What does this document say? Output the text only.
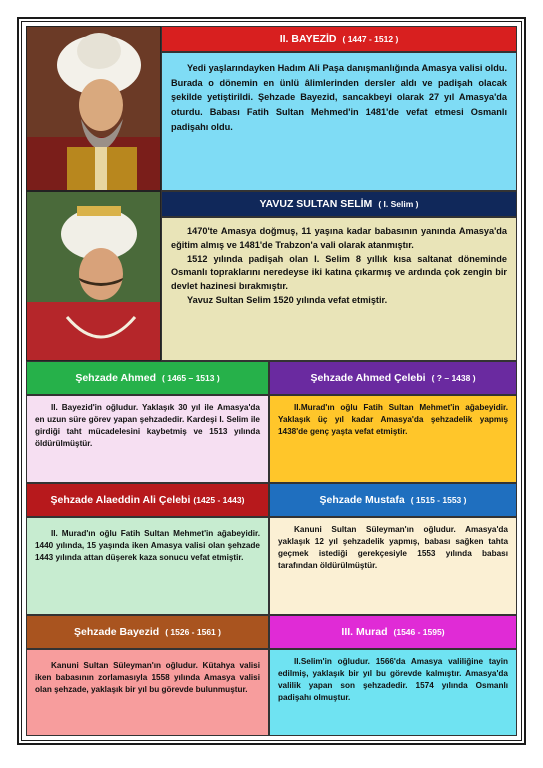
II. BAYEZİD ( 1447 - 1512 )

Yedi yaşlarındayken Hadım Ali Paşa danışmanlığında Amasya valisi oldu. Burada o dönemin en ünlü âlimlerinden dersler aldı ve padişah olacak şekilde yetiştirildi. Şehzade Bayezid, sancakbeyi olarak 27 yıl Amasya'da oturdu. Babası Fatih Sultan Mehmed'in 1481'de vefat etmesi Osmanlı padişahı oldu.

YAVUZ SULTAN SELİM ( I. Selim )

1470'te Amasya doğmuş, 11 yaşına kadar babasının yanında Amasya'da eğitim almış ve 1481'de Trabzon'a vali olarak atanmıştır.

1512 yılında padişah olan I. Selim 8 yıllık kısa saltanat döneminde Osmanlı topraklarını neredeyse iki katına çıkarmış ve ardında çok zengin bir devlet hazinesi bırakmıştır.

Yavuz Sultan Selim 1520 yılında vefat etmiştir.

Şehzade Ahmed ( 1465 – 1513 )	Şehzade Ahmed Çelebi ( ? – 1438 )

II. Bayezid'in oğludur. Yaklaşık 30 yıl ile Amasya'da en uzun süre görev yapan şehzadedir. Kardeşi I. Selim ile girdiği taht mücadelesini kaybetmiş ve 1513 yılında öldürülmüştür.

II.Murad'ın oğlu Fatih Sultan Mehmet'in ağabeyidir. Yaklaşık üç yıl kadar Amasya'da şehzadelik yapmış 1438'de genç yaşta vefat etmiştir.

Şehzade Alaeddin Ali Çelebi (1425 - 1443)	Şehzade Mustafa ( 1515 - 1553 )

II. Murad'ın oğlu Fatih Sultan Mehmet'in ağabeyidir. 1440 yılında, 15 yaşında iken Amasya valisi olan şehzade 1443 yılında attan düşerek kaza sonucu vefat etmiştir.

Kanuni Sultan Süleyman'ın oğludur. Amasya'da yaklaşık 12 yıl şehzadelik yapmış, babası sağken tahta geçmek istediği gerekçesiyle 1553 yılında babası tarafından öldürülmüştür.

Şehzade Bayezid ( 1526 - 1561 )	III. Murad (1546 - 1595)

Kanuni Sultan Süleyman'ın oğludur. Kütahya valisi iken babasının zorlamasıyla 1558 yılında Amasya valisi olan şehzade, yaklaşık bir yıl bu görevde bulunmuştur.

II.Selim'in oğludur. 1566'da Amasya valiliğine tayin edilmiş, yaklaşık bir yıl bu görevde kalmıştır. Amasya'da valilik yapan son şehzadedir. 1574 yılında Osmanlı padişahı olmuştur.
